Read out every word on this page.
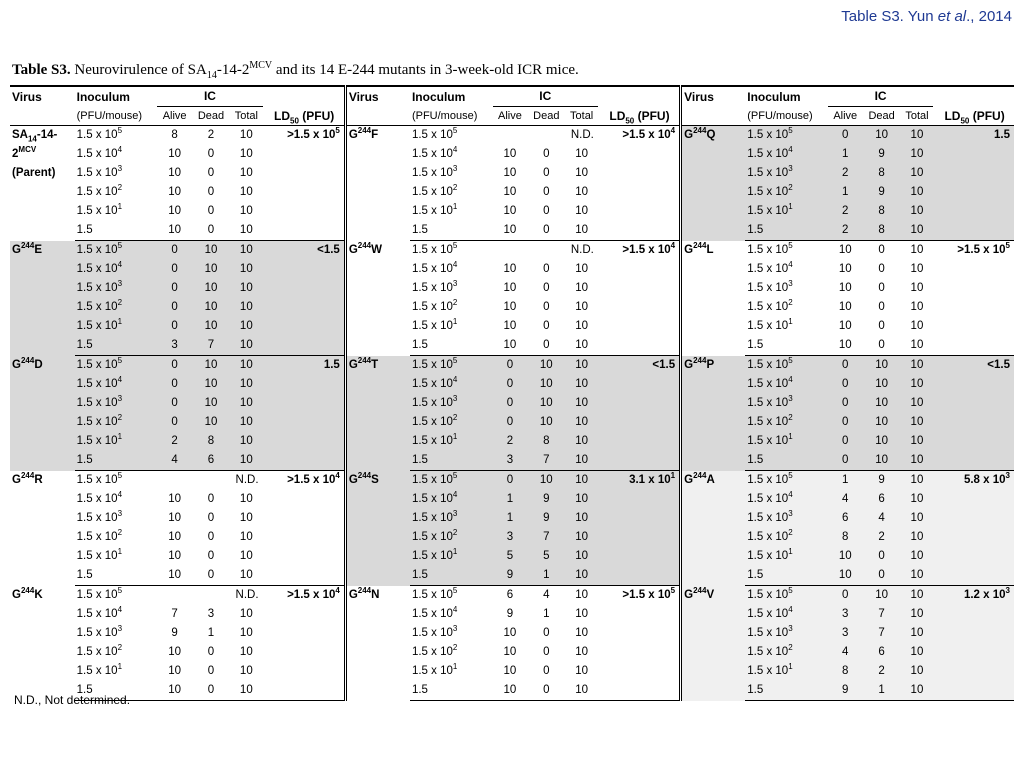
Table S3. Yun et al., 2014
Table S3. Neurovirulence of $SA_{14}-14-2^{MCV}$ and its 14 E-244 mutants in 3-week-old ICR mice.
Virus	Inoculum	IC				Virus	Inoculum	IC				Virus	Inoculum	IC			

	(PFU/mouse)	Alive	Dead	Total	$LD_{50}$ (PFU)		(PFU/mouse)	Alive	Dead	Total	$LD_{50}$ (PFU)		(PFU/mouse)	Alive	Dead	Total	$LD_{50}$ (PFU)
$SA_{14}-14-$
$2^{MCV}$
(Parent)	1.5 x $10^5$	8	2	10	>1.5 x $10^5$	$G^{244}F$	1.5 x $10^5$	N.D.			>1.5 x $10^4$	$G^{244}Q$	1.5 x $10^5$	0	10	10	1.5
	1.5 x $10^4$	10	0	10			1.5 x $10^4$	10	0	10			1.5 x $10^4$	1	9	10	
	1.5 x $10^3$	10	0	10			1.5 x $10^3$	10	0	10			1.5 x $10^3$	2	8	10	
	1.5 x $10^2$	10	0	10			1.5 x $10^2$	10	0	10			1.5 x $10^2$	1	9	10	
	1.5 x $10^1$	10	0	10			1.5 x $10^1$	10	0	10			1.5 x $10^1$	2	8	10	
	1.5	10	0	10			1.5	10	0	10			1.5	2	8	10	
$G^{244}E$	1.5 x $10^5$	0	10	10	<1.5	$G^{244}W$	1.5 x $10^5$	N.D.			>1.5 x $10^4$	$G^{244}L$	1.5 x $10^5$	10	0	10	>1.5 x $10^5$
	1.5 x $10^4$	0	10	10			1.5 x $10^4$	10	0	10			1.5 x $10^4$	10	0	10	
	1.5 x $10^3$	0	10	10			1.5 x $10^3$	10	0	10			1.5 x $10^3$	10	0	10	
	1.5 x $10^2$	0	10	10			1.5 x $10^2$	10	0	10			1.5 x $10^2$	10	0	10	
	1.5 x $10^1$	0	10	10			1.5 x $10^1$	10	0	10			1.5 x $10^1$	10	0	10	
	1.5	3	7	10			1.5	10	0	10			1.5	10	0	10	
$G^{244}D$	1.5 x $10^5$	0	10	10	1.5	$G^{244}T$	1.5 x $10^5$	0	10	10	<1.5	$G^{244}P$	1.5 x $10^5$	0	10	10	<1.5
	1.5 x $10^4$	0	10	10			1.5 x $10^4$	0	10	10			1.5 x $10^4$	0	10	10	
	1.5 x $10^3$	0	10	10			1.5 x $10^3$	0	10	10			1.5 x $10^3$	0	10	10	
	1.5 x $10^2$	0	10	10			1.5 x $10^2$	0	10	10			1.5 x $10^2$	0	10	10	
	1.5 x $10^1$	2	8	10			1.5 x $10^1$	2	8	10			1.5 x $10^1$	0	10	10	
	1.5	4	6	10			1.5	3	7	10			1.5	0	10	10	
$G^{244}R$	1.5 x $10^5$	N.D.			>1.5 x $10^4$	$G^{244}S$	1.5 x $10^5$	0	10	10	3.1 x $10^1$	$G^{244}A$	1.5 x $10^5$	1	9	10	5.8 x $10^3$
	1.5 x $10^4$	10	0	10			1.5 x $10^4$	1	9	10			1.5 x $10^4$	4	6	10	
	1.5 x $10^3$	10	0	10			1.5 x $10^3$	1	9	10			1.5 x $10^3$	6	4	10	
	1.5 x $10^2$	10	0	10			1.5 x $10^2$	3	7	10			1.5 x $10^2$	8	2	10	
	1.5 x $10^1$	10	0	10			1.5 x $10^1$	5	5	10			1.5 x $10^1$	10	0	10	
	1.5	10	0	10			1.5	9	1	10			1.5	10	0	10	
$G^{244}K$	1.5 x $10^5$	N.D.			>1.5 x $10^4$	$G^{244}N$	1.5 x $10^5$	6	4	10	>1.5 x $10^5$	$G^{244}V$	1.5 x $10^5$	0	10	10	1.2 x $10^3$
	1.5 x $10^4$	7	3	10			1.5 x $10^4$	9	1	10			1.5 x $10^4$	3	7	10	
	1.5 x $10^3$	9	1	10			1.5 x $10^3$	10	0	10			1.5 x $10^3$	3	7	10	
	1.5 x $10^2$	10	0	10			1.5 x $10^2$	10	0	10			1.5 x $10^2$	4	6	10	
	1.5 x $10^1$	10	0	10			1.5 x $10^1$	10	0	10			1.5 x $10^1$	8	2	10	
	1.5	10	0	10			1.5	10	0	10			1.5	9	1	10	
N.D., Not determined.
